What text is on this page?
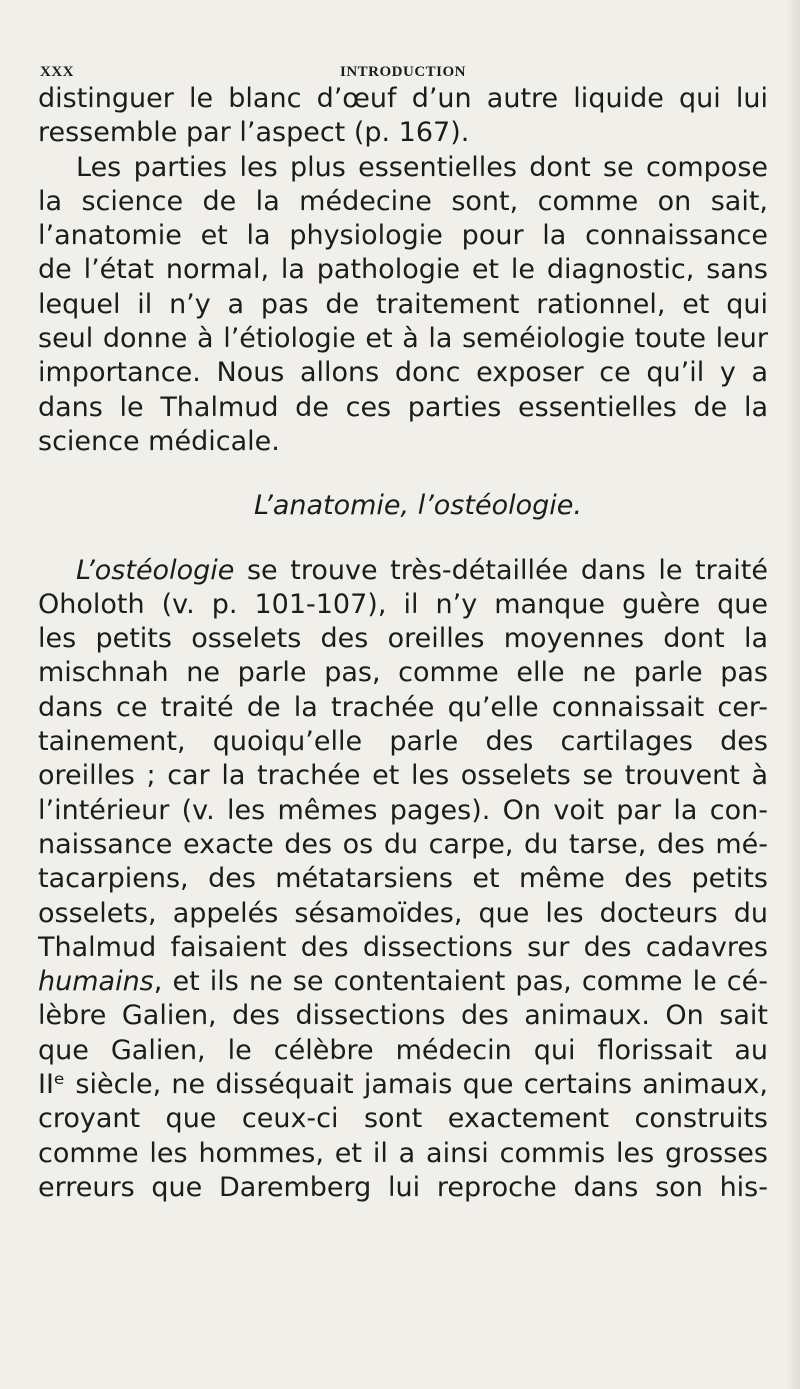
XXX	INTRODUCTION
distinguer le blanc d’œuf d’un autre liquide qui lui
ressemble par l’aspect (p. 167).
Les parties les plus essentielles dont se compose
la science de la médecine sont, comme on sait,
l’anatomie et la physiologie pour la connaissance
de l’état normal, la pathologie et le diagnostic, sans
lequel il n’y a pas de traitement rationnel, et qui
seul donne à l’étiologie et à la seméiologie toute leur
importance. Nous allons donc exposer ce qu’il y a
dans le Thalmud de ces parties essentielles de la
science médicale.
L’anatomie, l’ostéologie.
L’ostéologie se trouve très-détaillée dans le traité
Oholoth (v. p. 101-107), il n’y manque guère que
les petits osselets des oreilles moyennes dont la
mischnah ne parle pas, comme elle ne parle pas
dans ce traité de la trachée qu’elle connaissait cer-
tainement, quoiqu’elle parle des cartilages des
oreilles ; car la trachée et les osselets se trouvent à
l’intérieur (v. les mêmes pages). On voit par la con-
naissance exacte des os du carpe, du tarse, des mé-
tacarpiens, des métatarsiens et même des petits
osselets, appelés sésamoïdes, que les docteurs du
Thalmud faisaient des dissections sur des cadavres
humains, et ils ne se contentaient pas, comme le cé-
lèbre Galien, des dissections des animaux. On sait
que Galien, le célèbre médecin qui florissait au
IIᵉ siècle, ne disséquait jamais que certains animaux,
croyant que ceux-ci sont exactement construits
comme les hommes, et il a ainsi commis les grosses
erreurs que Daremberg lui reproche dans son his-
